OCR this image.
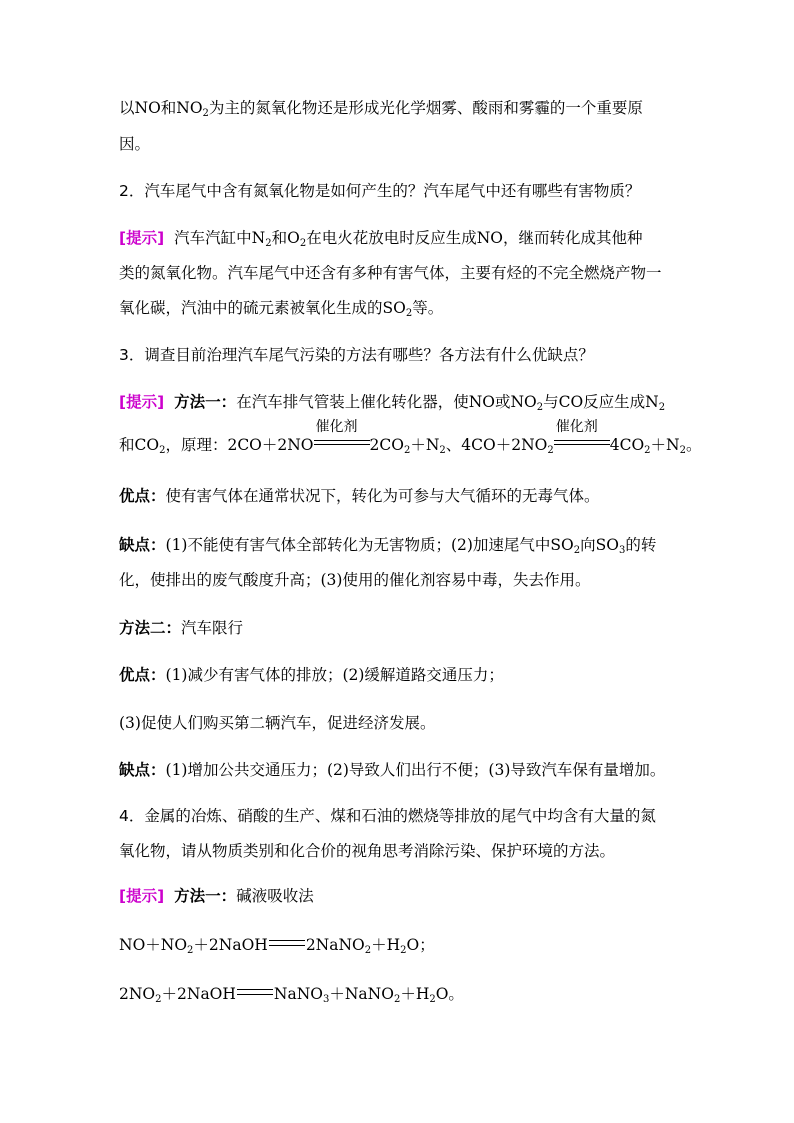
以NO和$NO_2$为主的氮氧化物还是形成光化学烟雾、酸雨和雾霾的一个重要原
因。
2．汽车尾气中含有氮氧化物是如何产生的？汽车尾气中还有哪些有害物质？
[提示] 汽车汽缸中$N_2$和$O_2$在电火花放电时反应生成NO，继而转化成其他种
类的氮氧化物。汽车尾气中还含有多种有害气体，主要有烃的不完全燃烧产物一
氧化碳，汽油中的硫元素被氧化生成的$SO_2$等。
3．调查目前治理汽车尾气污染的方法有哪些？各方法有什么优缺点？
[提示] 方法一：在汽车排气管装上催化转化器，使NO或$NO_2$与CO反应生成$N_2$
和$CO_2$，原理：2CO＋2NO
催化剂
$2CO_2+N_2$、$4CO+2NO_2$
催化剂
$4CO_2+N_2$。
优点：使有害气体在通常状况下，转化为可参与大气循环的无毒气体。
缺点：(1)不能使有害气体全部转化为无害物质；(2)加速尾气中$SO_2$向$SO_3$的转
化，使排出的废气酸度升高；(3)使用的催化剂容易中毒，失去作用。
方法二：汽车限行
优点：(1)减少有害气体的排放；(2)缓解道路交通压力；
(3)促使人们购买第二辆汽车，促进经济发展。
缺点：(1)增加公共交通压力；(2)导致人们出行不便；(3)导致汽车保有量增加。
4．金属的冶炼、硝酸的生产、煤和石油的燃烧等排放的尾气中均含有大量的氮
氧化物，请从物质类别和化合价的视角思考消除污染、保护环境的方法。
[提示] 方法一：碱液吸收法
$NO+NO_2+2NaOH$ $2NaNO_2+H_2O$；
$2NO_2+2NaOH$ $NaNO_3+NaNO_2+H_2O$。
